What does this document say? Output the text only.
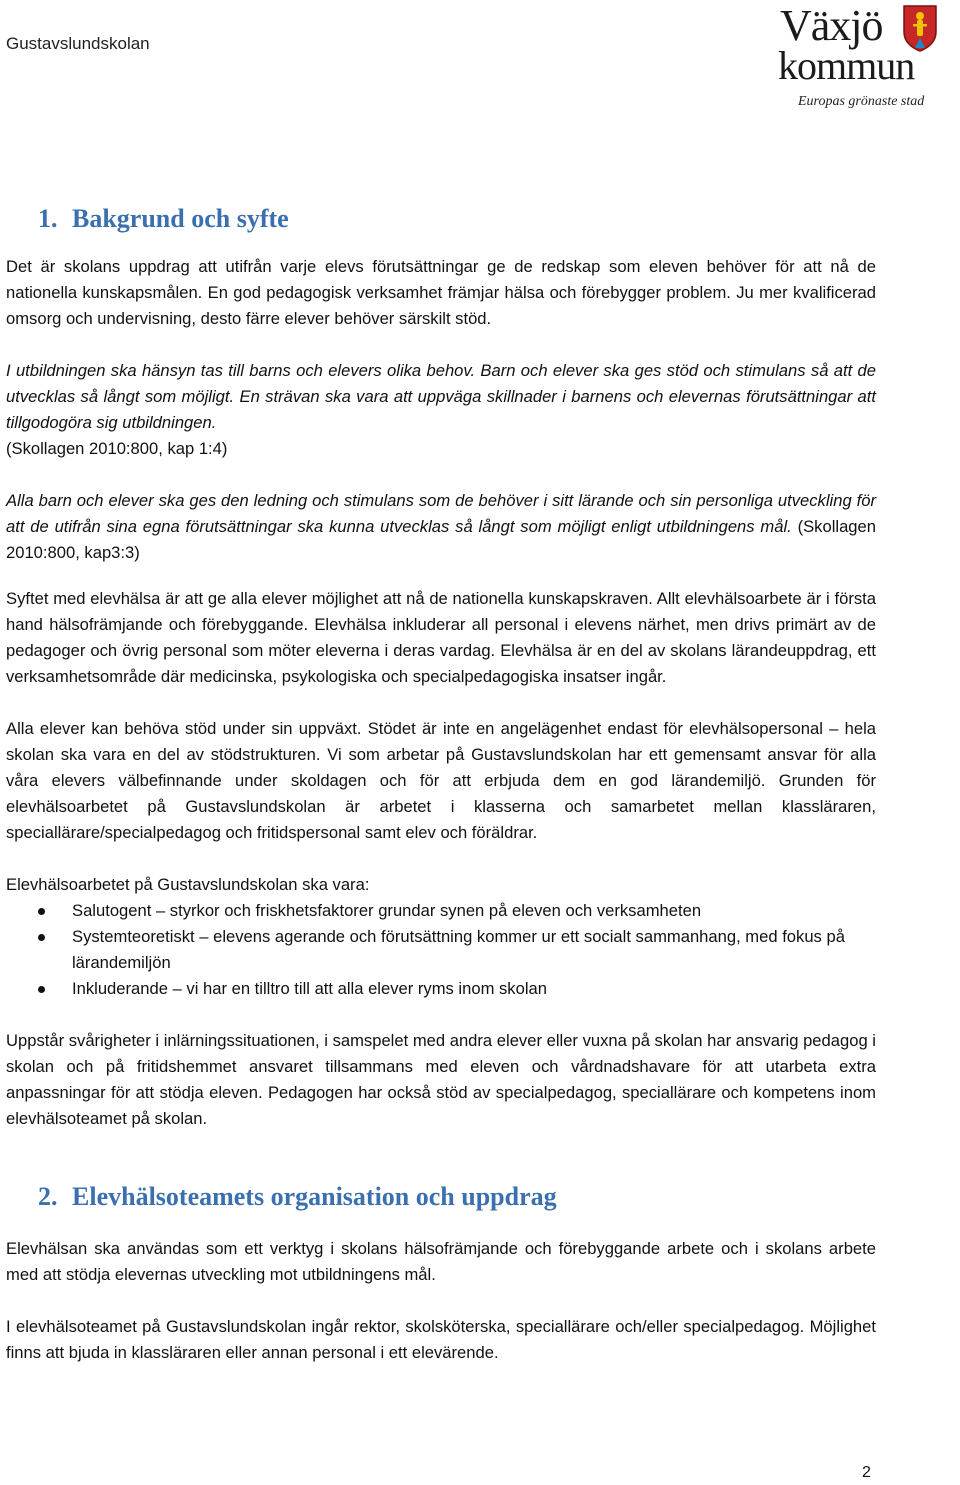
Gustavslundskolan	Växjö
kommun
Europas grönaste stad
1. Bakgrund och syfte

Det är skolans uppdrag att utifrån varje elevs förutsättningar ge de redskap som eleven behöver för att nå de nationella kunskapsmålen. En god pedagogisk verksamhet främjar hälsa och förebygger problem. Ju mer kvalificerad omsorg och undervisning, desto färre elever behöver särskilt stöd.

I utbildningen ska hänsyn tas till barns och elevers olika behov. Barn och elever ska ges stöd och stimulans så att de utvecklas så långt som möjligt. En strävan ska vara att uppväga skillnader i barnens och elevernas förutsättningar att tillgodogöra sig utbildningen.

(Skollagen 2010:800, kap 1:4)

Alla barn och elever ska ges den ledning och stimulans som de behöver i sitt lärande och sin personliga utveckling för att de utifrån sina egna förutsättningar ska kunna utvecklas så långt som möjligt enligt utbildningens mål. (Skollagen 2010:800, kap3:3)

Syftet med elevhälsa är att ge alla elever möjlighet att nå de nationella kunskapskraven. Allt elevhälsoarbete är i första hand hälsofrämjande och förebyggande. Elevhälsa inkluderar all personal i elevens närhet, men drivs primärt av de pedagoger och övrig personal som möter eleverna i deras vardag. Elevhälsa är en del av skolans lärandeuppdrag, ett verksamhetsområde där medicinska, psykologiska och specialpedagogiska insatser ingår.

Alla elever kan behöva stöd under sin uppväxt. Stödet är inte en angelägenhet endast för elevhälsopersonal – hela skolan ska vara en del av stödstrukturen. Vi som arbetar på Gustavslundskolan har ett gemensamt ansvar för alla våra elevers välbefinnande under skoldagen och för att erbjuda dem en god lärandemiljö. Grunden för elevhälsoarbetet på Gustavslundskolan är arbetet i klasserna och samarbetet mellan klassläraren, speciallärare/specialpedagog och fritidspersonal samt elev och föräldrar.

Elevhälsoarbetet på Gustavslundskolan ska vara:

Salutogent – styrkor och friskhetsfaktorer grundar synen på eleven och verksamheten
Systemteoretiskt – elevens agerande och förutsättning kommer ur ett socialt sammanhang, med fokus på lärandemiljön
Inkluderande – vi har en tilltro till att alla elever ryms inom skolan

Uppstår svårigheter i inlärningssituationen, i samspelet med andra elever eller vuxna på skolan har ansvarig pedagog i skolan och på fritidshemmet ansvaret tillsammans med eleven och vårdnadshavare för att utarbeta extra anpassningar för att stödja eleven. Pedagogen har också stöd av specialpedagog, speciallärare och kompetens inom elevhälsoteamet på skolan.

2. Elevhälsoteamets organisation och uppdrag

Elevhälsan ska användas som ett verktyg i skolans hälsofrämjande och förebyggande arbete och i skolans arbete med att stödja elevernas utveckling mot utbildningens mål.

I elevhälsoteamet på Gustavslundskolan ingår rektor, skolsköterska, speciallärare och/eller specialpedagog. Möjlighet finns att bjuda in klassläraren eller annan personal i ett elevärende.

2
